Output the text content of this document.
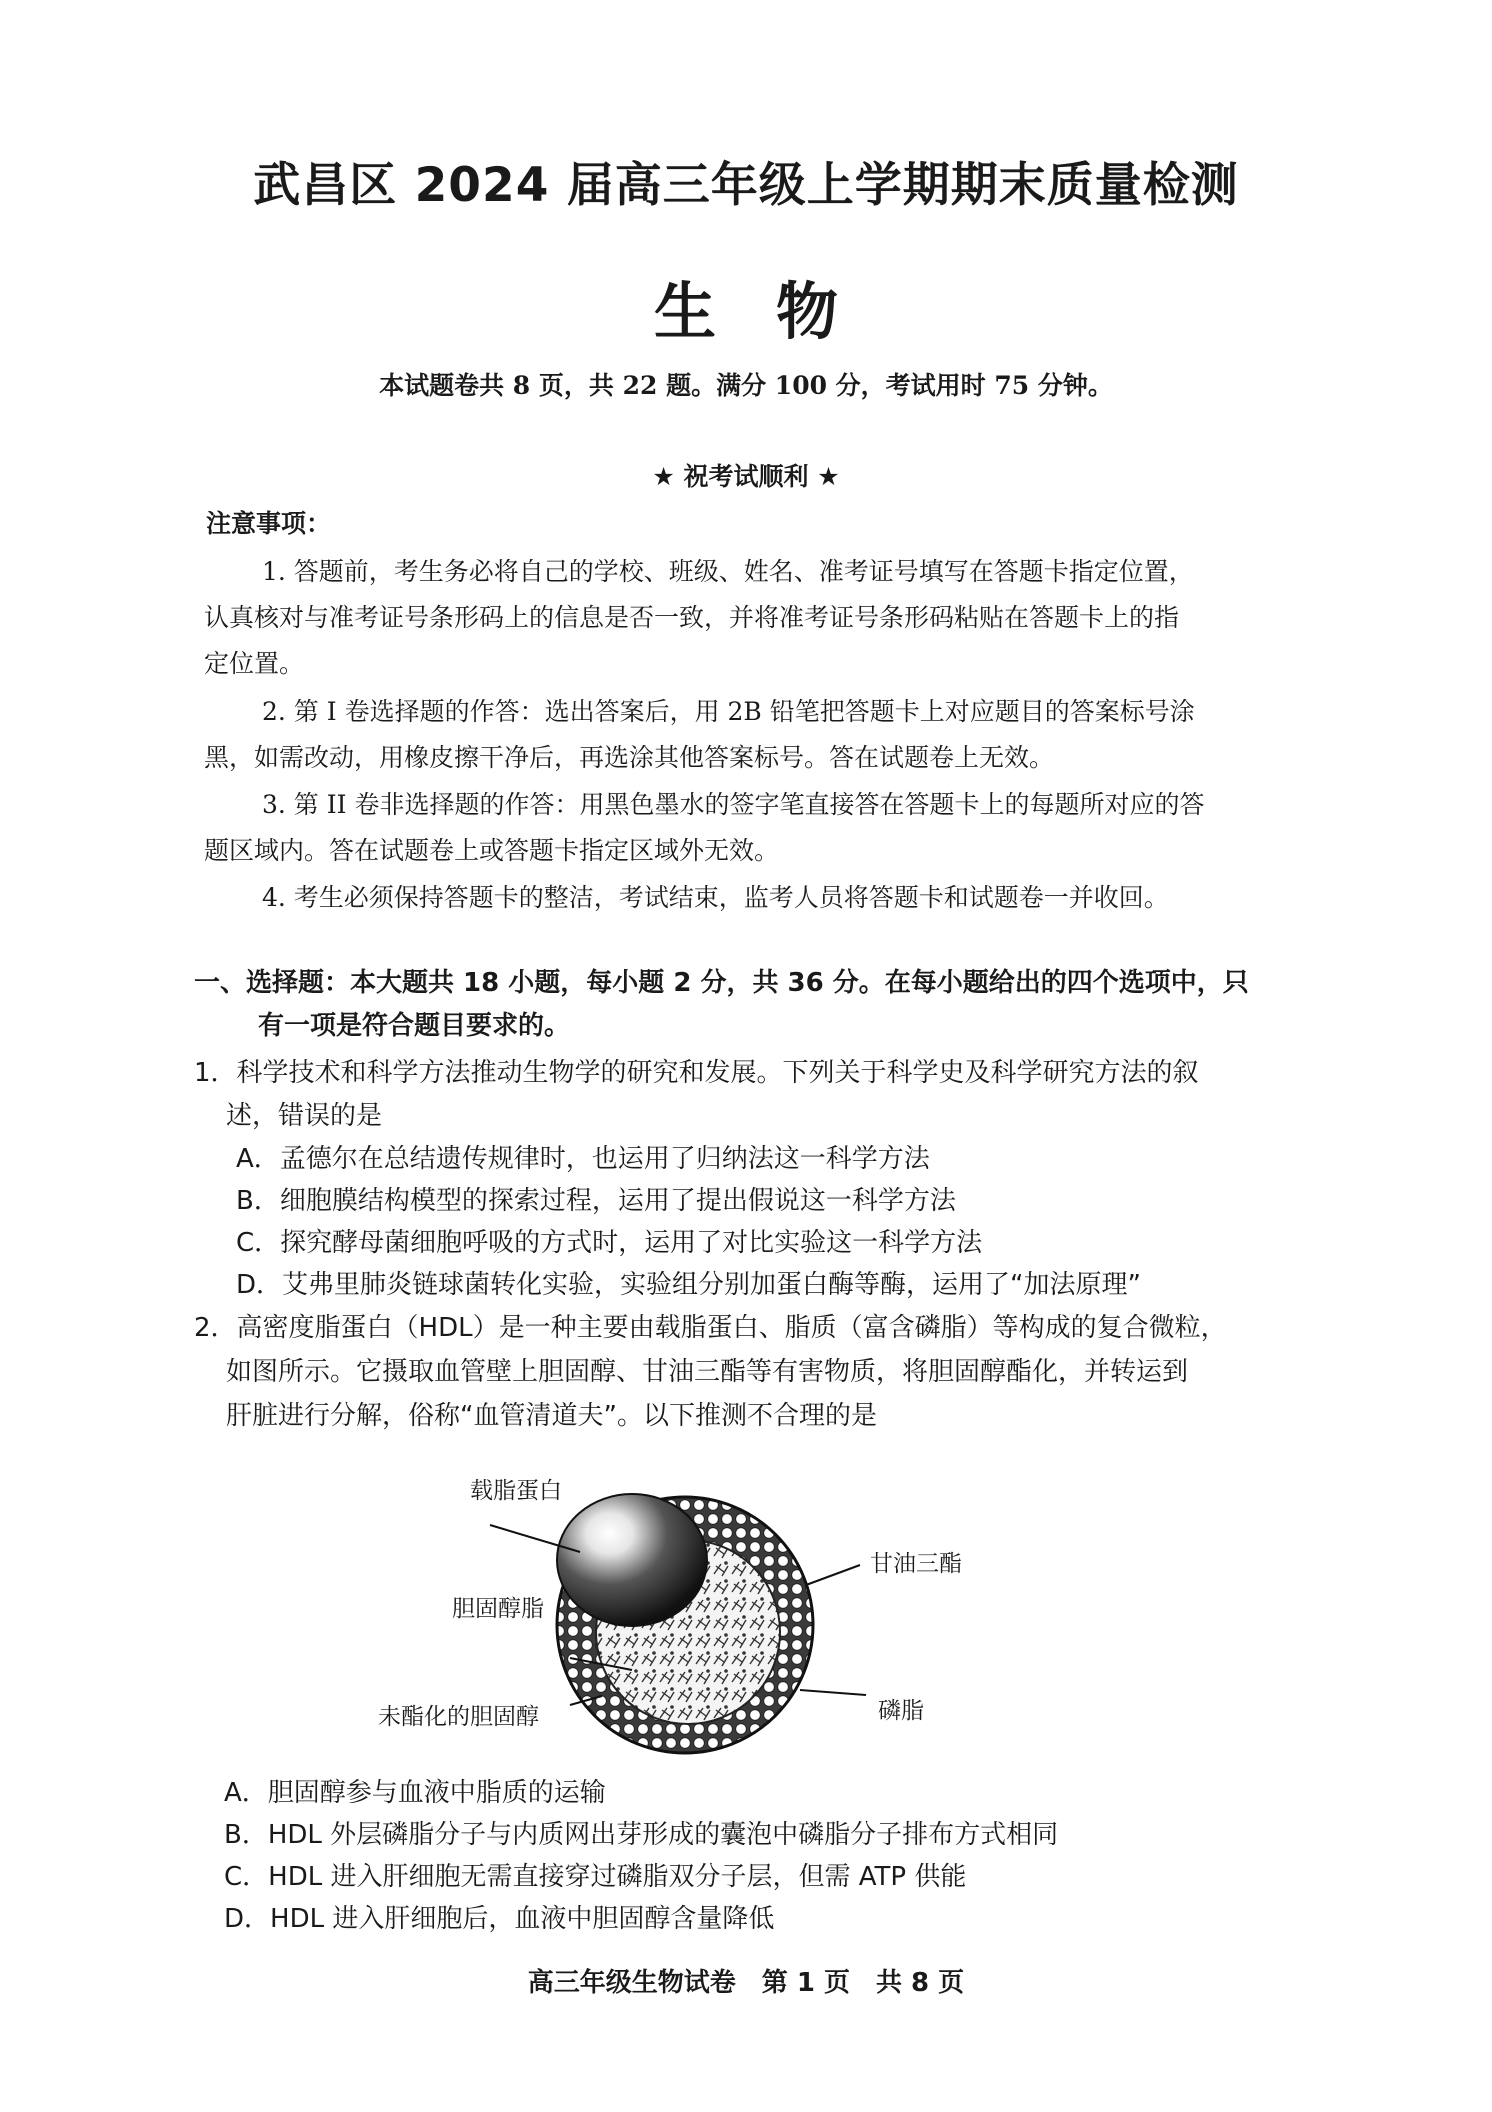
武昌区 2024 届高三年级上学期期末质量检测
生物
本试题卷共 8 页，共 22 题。满分 100 分，考试用时 75 分钟。
★ 祝考试顺利 ★
注意事项：
1. 答题前，考生务必将自己的学校、班级、姓名、准考证号填写在答题卡指定位置，
认真核对与准考证号条形码上的信息是否一致，并将准考证号条形码粘贴在答题卡上的指
定位置。
2. 第 I 卷选择题的作答：选出答案后，用 2B 铅笔把答题卡上对应题目的答案标号涂
黑，如需改动，用橡皮擦干净后，再选涂其他答案标号。答在试题卷上无效。
3. 第 II 卷非选择题的作答：用黑色墨水的签字笔直接答在答题卡上的每题所对应的答
题区域内。答在试题卷上或答题卡指定区域外无效。
4. 考生必须保持答题卡的整洁，考试结束，监考人员将答题卡和试题卷一并收回。
一、选择题：本大题共 18 小题，每小题 2 分，共 36 分。在每小题给出的四个选项中，只
有一项是符合题目要求的。
1．科学技术和科学方法推动生物学的研究和发展。下列关于科学史及科学研究方法的叙
述，错误的是
A．孟德尔在总结遗传规律时，也运用了归纳法这一科学方法
B．细胞膜结构模型的探索过程，运用了提出假说这一科学方法
C．探究酵母菌细胞呼吸的方式时，运用了对比实验这一科学方法
D．艾弗里肺炎链球菌转化实验，实验组分别加蛋白酶等酶，运用了“加法原理”
2．高密度脂蛋白（HDL）是一种主要由载脂蛋白、脂质（富含磷脂）等构成的复合微粒，
如图所示。它摄取血管壁上胆固醇、甘油三酯等有害物质，将胆固醇酯化，并转运到
肝脏进行分解，俗称“血管清道夫”。以下推测不合理的是
载脂蛋白
甘油三酯
胆固醇脂
未酯化的胆固醇	磷脂
A．胆固醇参与血液中脂质的运输
B．HDL 外层磷脂分子与内质网出芽形成的囊泡中磷脂分子排布方式相同
C．HDL 进入肝细胞无需直接穿过磷脂双分子层，但需 ATP 供能
D．HDL 进入肝细胞后，血液中胆固醇含量降低
高三年级生物试卷　第 1 页　共 8 页
